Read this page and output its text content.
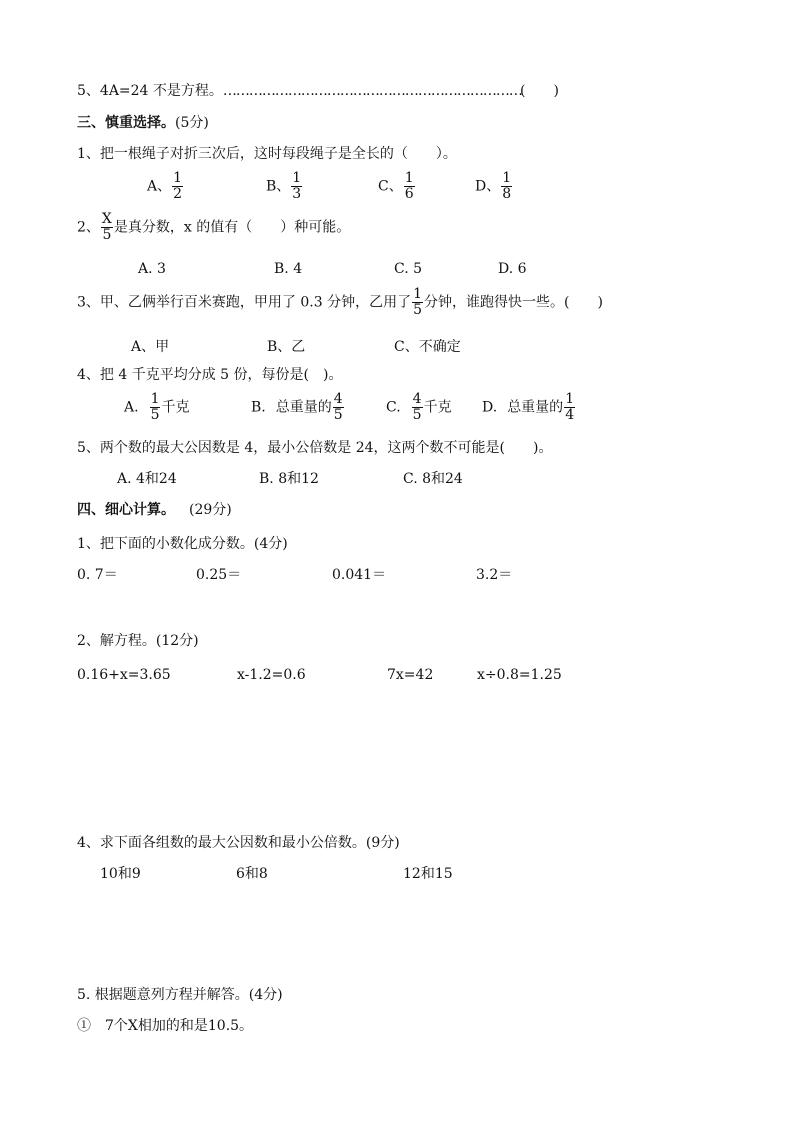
5、4A=24 不是方程。……………………………………………………………
(　　)
三、慎重选择。(5分)
1、把一根绳子对折三次后，这时每段绳子是全长的（　　）。
A、 $\frac{1}{2}$	B、 $\frac{1}{3}$	C、 $\frac{1}{6}$	D、 $\frac{1}{8}$
2、 $\frac{X}{5}$ 是真分数，x 的值有（　　）种可能。
A. 3	B. 4	C. 5	D. 6
3、甲、乙俩举行百米赛跑，甲用了 0.3 分钟，乙用了 $\frac{1}{5}$ 分钟，谁跑得快一些。(　　)
A、甲	B、乙	C、不确定
4、把 4 千克平均分成 5 份，每份是(　)。
A. $\frac{1}{5}$ 千克	B. 总重量的 $\frac{4}{5}$	C. $\frac{4}{5}$ 千克 D. 总重量的 $\frac{1}{4}$
5、两个数的最大公因数是 4，最小公倍数是 24，这两个数不可能是(　　)。
A. 4和24	B. 8和12	C. 8和24
四、细心计算。 (29分)
1、把下面的小数化成分数。(4分)
0. 7＝	0.25＝	0.041＝	3.2＝
2、解方程。(12分)
0.16+x=3.65	x-1.2=0.6	7x=42	x÷0.8=1.25
4、求下面各组数的最大公因数和最小公倍数。(9分)
10和9	6和8	12和15
5. 根据题意列方程并解答。(4分)
①　7个X相加的和是10.5。
